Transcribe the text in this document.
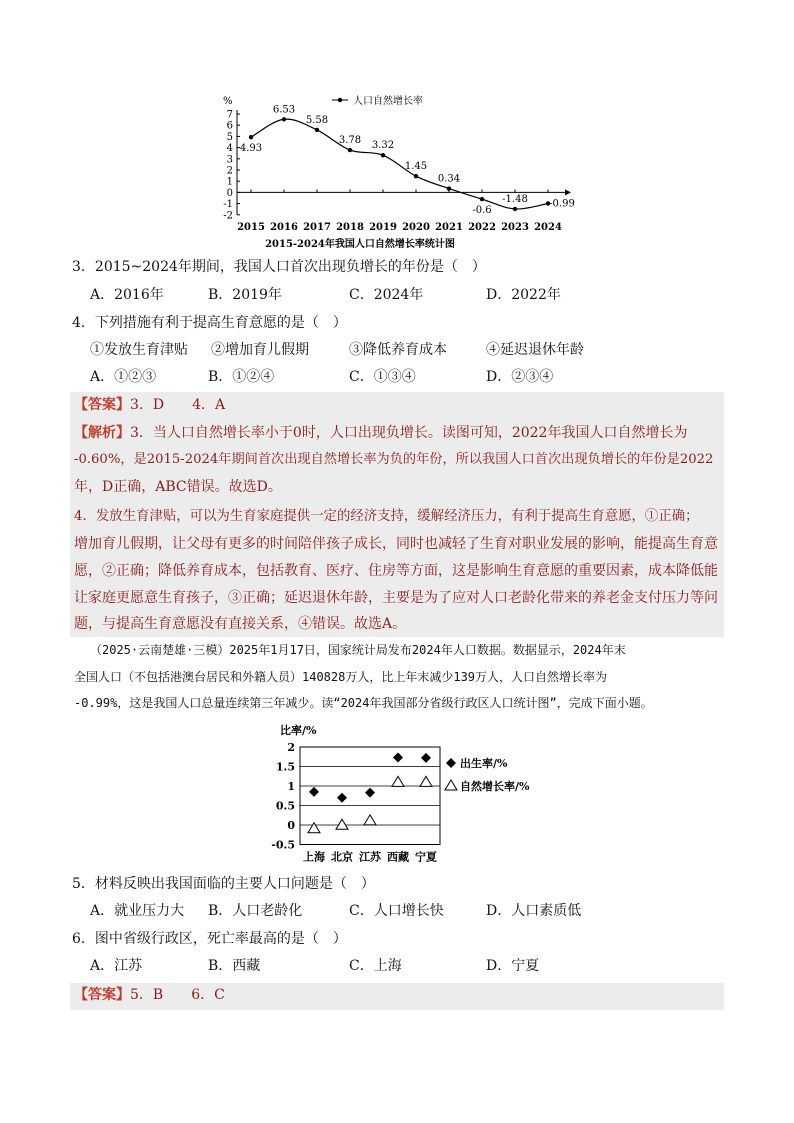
%	人口自然增长率
7
6
5
4
3
2
1
0
-1
-2
2015 2016 2017 2018 2019 2020 2021 2022 2023 2024
4.93
6.53
5.58
3.78 3.32
1.45
0.34
-0.6
-1.48 -0.99
2015-2024年我国人口自然增长率统计图
3．2015~2024年期间，我国人口首次出现负增长的年份是（　）
A．2016年	B．2019年	C．2024年	D．2022年
4．下列措施有利于提高生育意愿的是（　）
①发放生育津贴 ②增加育儿假期	③降低养育成本	④延迟退休年龄
A．①②③	B．①②④	C．①③④	D．②③④
【答案】3．D　　4．A
【解析】3．当人口自然增长率小于0时，人口出现负增长。读图可知，2022年我国人口自然增长为
-0.60%，是2015-2024年期间首次出现自然增长率为负的年份，所以我国人口首次出现负增长的年份是2022
年，D正确，ABC错误。故选D。
4．发放生育津贴，可以为生育家庭提供一定的经济支持，缓解经济压力，有利于提高生育意愿，①正确；
增加育儿假期，让父母有更多的时间陪伴孩子成长，同时也减轻了生育对职业发展的影响，能提高生育意
愿，②正确；降低养育成本，包括教育、医疗、住房等方面，这是影响生育意愿的重要因素，成本降低能
让家庭更愿意生育孩子，③正确；延迟退休年龄，主要是为了应对人口老龄化带来的养老金支付压力等问
题，与提高生育意愿没有直接关系，④错误。故选A。
（2025·云南楚雄·三模）2025年1月17日，国家统计局发布2024年人口数据。数据显示，2024年末
全国人口（不包括港澳台居民和外籍人员）140828万人，比上年末减少139万人，人口自然增长率为
-0.99%，这是我国人口总量连续第三年减少。读“2024年我国部分省级行政区人口统计图”，完成下面小题。
比率/%
2
1.5
1
0.5
0
-0.5
上海 北京 江苏 西藏 宁夏
出生率/%
自然增长率/%
5．材料反映出我国面临的主要人口问题是（　）
A．就业压力大 B．人口老龄化	C．人口增长快	D．人口素质低
6．图中省级行政区，死亡率最高的是（　）
A．江苏	B．西藏	C．上海	D．宁夏
【答案】5．B　　6．C
